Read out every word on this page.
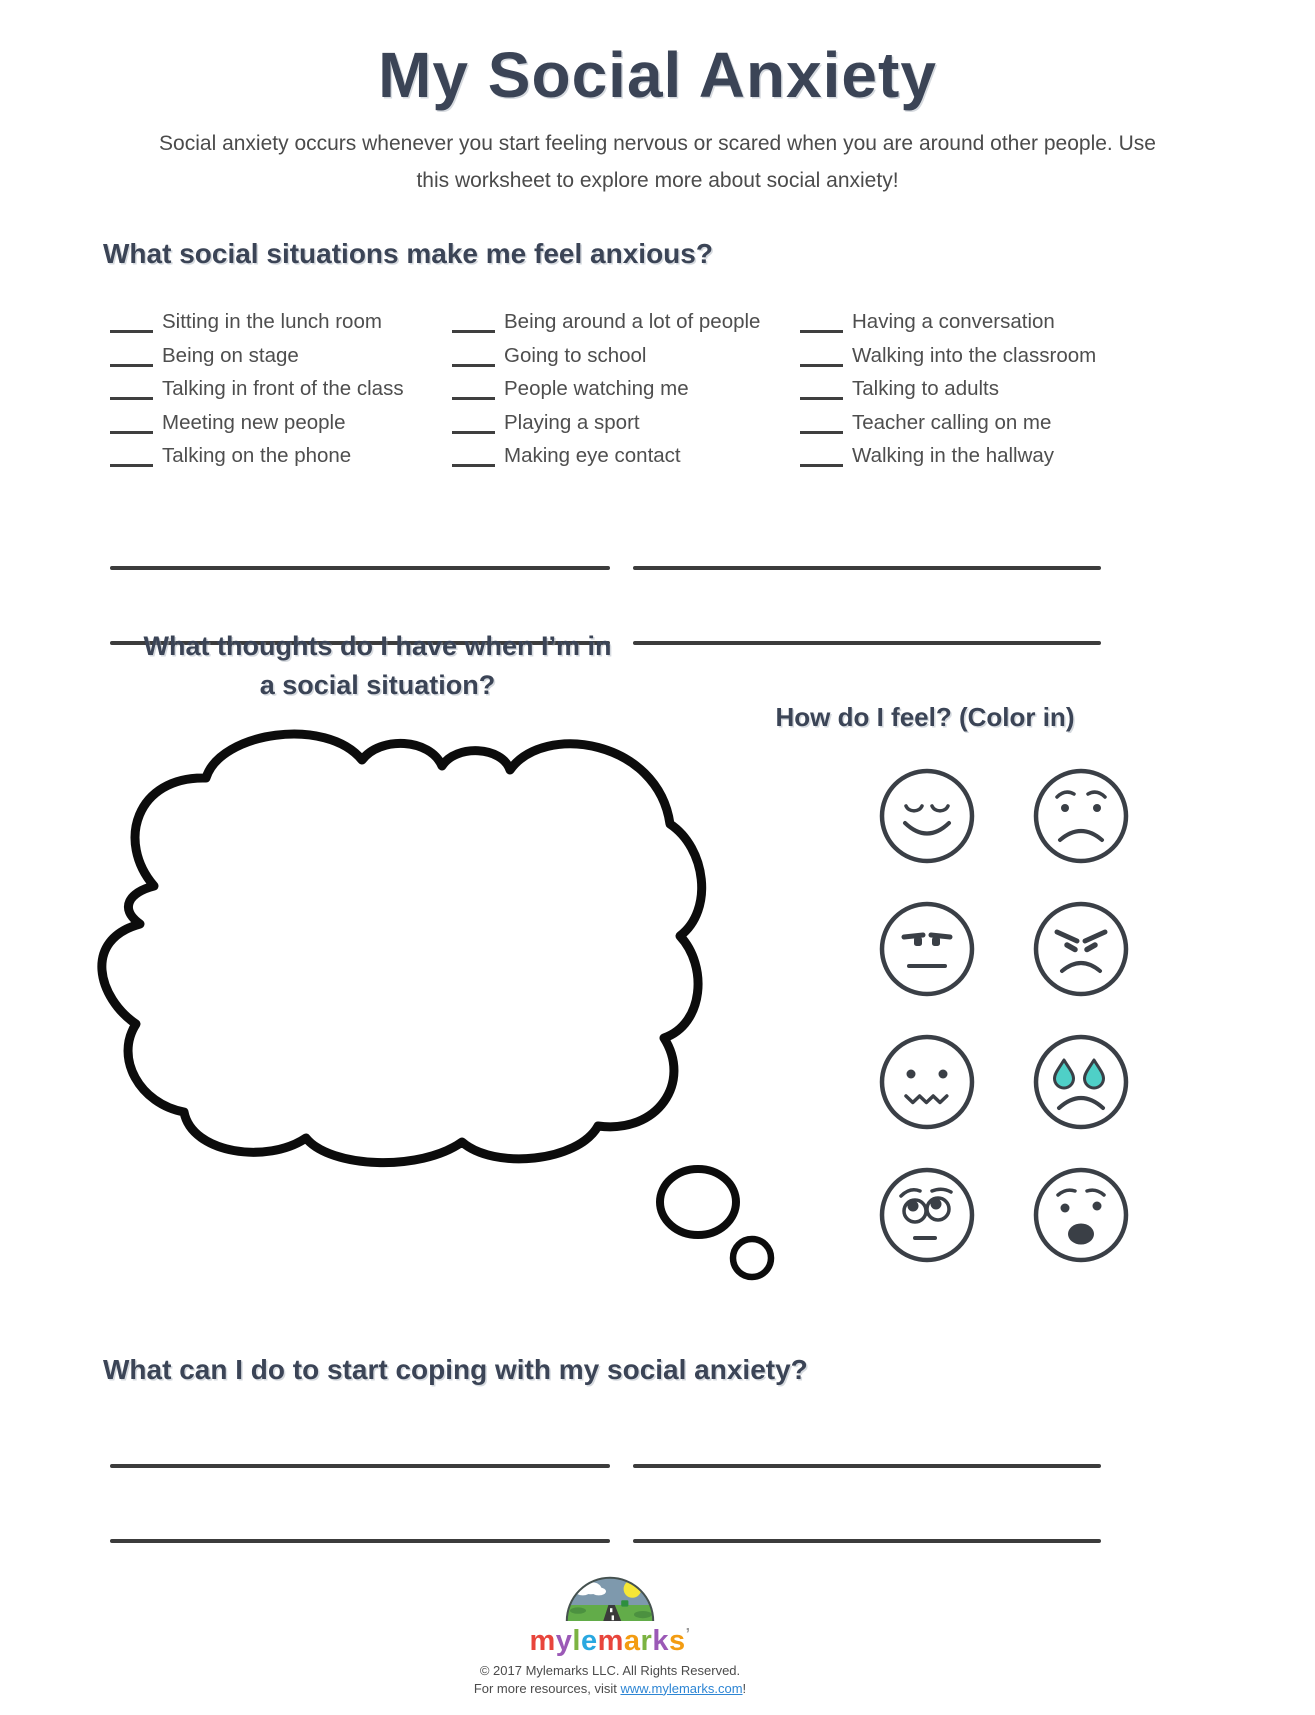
My Social Anxiety
Social anxiety occurs whenever you start feeling nervous or scared when you are around other people. Use
this worksheet to explore more about social anxiety!
What social situations make me feel anxious?
Sitting in the lunch room
Being on stage
Talking in front of the class
Meeting new people
Talking on the phone
Being around a lot of people
Going to school
People watching me
Playing a sport
Making eye contact
Having a conversation
Walking into the classroom
Talking to adults
Teacher calling on me
Walking in the hallway
What thoughts do I have when I’m in
a social situation?
How do I feel? (Color in)
What can I do to start coping with my social anxiety?
mylemarks’
© 2017 Mylemarks LLC. All Rights Reserved.
For more resources, visit www.mylemarks.com!
